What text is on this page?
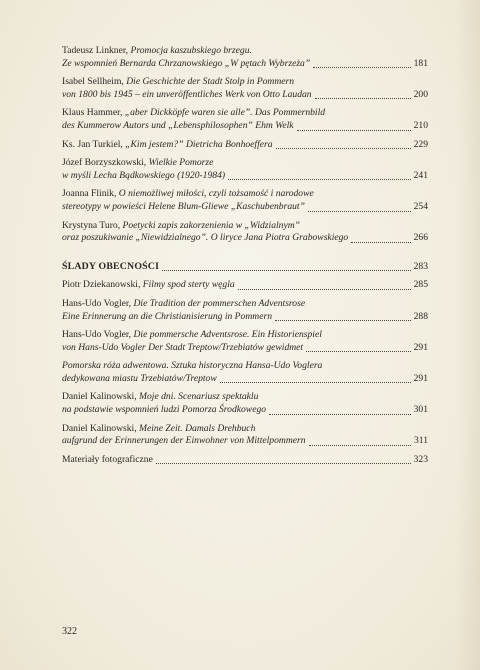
Tadeusz Linkner, Promocja kaszubskiego brzegu.
Ze wspomnień Bernarda Chrzanowskiego „W pętach Wybrzeża”	181
Isabel Sellheim, Die Geschichte der Stadt Stolp in Pommern
von 1800 bis 1945 – ein unveröffentliches Werk von Otto Laudan	200
Klaus Hammer, „aber Dickköpfe waren sie alle”. Das Pommernbild
des Kummerow Autors und „Lebensphilosophen” Ehm Welk	210
Ks. Jan Turkiel, „Kim jestem?” Dietricha Bonhoeffera	229
Józef Borzyszkowski, Wielkie Pomorze
w myśli Lecha Bądkowskiego (1920-1984)	241
Joanna Flinik, O niemożliwej miłości, czyli tożsamość i narodowe
stereotypy w powieści Helene Blum-Gliewe „Kaschubenbraut”	254
Krystyna Turo, Poetycki zapis zakorzenienia w „Widzialnym”
oraz poszukiwanie „Niewidzialnego”. O liryce Jana Piotra Grabowskiego	266
ŚLADY OBECNOŚCI	283
Piotr Dziekanowski, Filmy spod sterty węgla	285
Hans-Udo Vogler, Die Tradition der pommerschen Adventsrose
Eine Erinnerung an die Christianisierung in Pommern	288
Hans-Udo Vogler, Die pommersche Adventsrose. Ein Historienspiel
von Hans-Udo Vogler Der Stadt Treptow/Trzebiatów gewidmet	291
Pomorska róża adwentowa. Sztuka historyczna Hansa-Udo Voglera
dedykowana miastu Trzebiatów/Treptow	291
Daniel Kalinowski, Moje dni. Scenariusz spektaklu
na podstawie wspomnień ludzi Pomorza Środkowego	301
Daniel Kalinowski, Meine Zeit. Damals Drehbuch
aufgrund der Erinnerungen der Einwohner von Mittelpommern	311
Materiały fotograficzne	323
322
